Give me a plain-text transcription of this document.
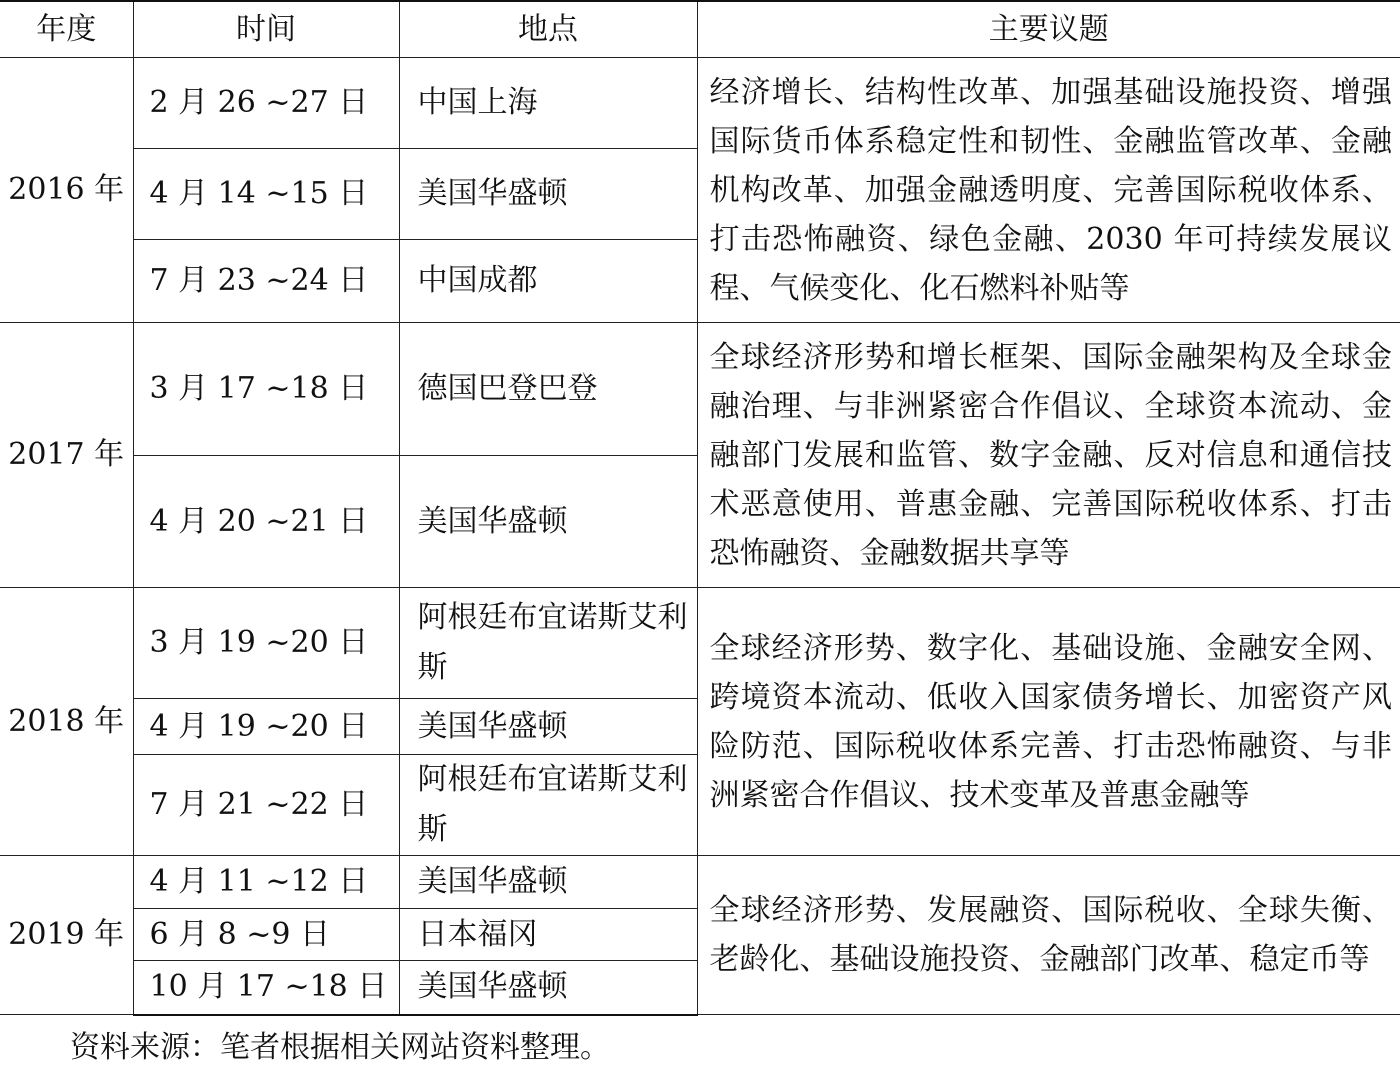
年度	时间	地点	主要议题
2016 年	2 月 26 ~27 日	中国上海	经济增长、结构性改革、加强基础设施投资、增强国际货币体系稳定性和韧性、金融监管改革、金融机构改革、加强金融透明度、完善国际税收体系、打击恐怖融资、绿色金融、2030 年可持续发展议程、气候变化、化石燃料补贴等
	4 月 14 ~15 日	美国华盛顿	
	7 月 23 ~24 日	中国成都	
2017 年	3 月 17 ~18 日	德国巴登巴登	全球经济形势和增长框架、国际金融架构及全球金融治理、与非洲紧密合作倡议、全球资本流动、金融部门发展和监管、数字金融、反对信息和通信技术恶意使用、普惠金融、完善国际税收体系、打击恐怖融资、金融数据共享等
	4 月 20 ~21 日	美国华盛顿	
2018 年	3 月 19 ~20 日	阿根廷布宜诺斯艾利斯	全球经济形势、数字化、基础设施、金融安全网、跨境资本流动、低收入国家债务增长、加密资产风险防范、国际税收体系完善、打击恐怖融资、与非洲紧密合作倡议、技术变革及普惠金融等
	4 月 19 ~20 日	美国华盛顿	
	7 月 21 ~22 日	阿根廷布宜诺斯艾利斯	
2019 年	4 月 11 ~12 日	美国华盛顿	全球经济形势、发展融资、国际税收、全球失衡、老龄化、基础设施投资、金融部门改革、稳定币等
	6 月 8 ~9 日	日本福冈	
	10 月 17 ~18 日	美国华盛顿	
资料来源：笔者根据相关网站资料整理。
